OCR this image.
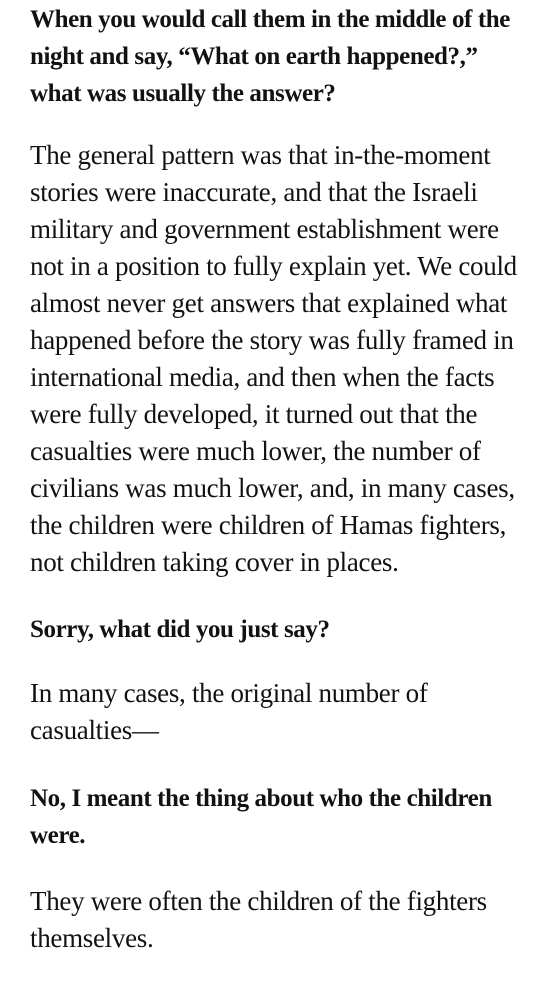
When you would call them in the middle of the night and say, “What on earth happened?,” what was usually the answer?

The general pattern was that in-the-moment stories were inaccurate, and that the Israeli military and government establishment were not in a position to fully explain yet. We could almost never get answers that explained what happened before the story was fully framed in international media, and then when the facts were fully developed, it turned out that the casualties were much lower, the number of civilians was much lower, and, in many cases, the children were children of Hamas fighters, not children taking cover in places.

Sorry, what did you just say?

In many cases, the original number of casualties—

No, I meant the thing about who the children were.

They were often the children of the fighters themselves.
